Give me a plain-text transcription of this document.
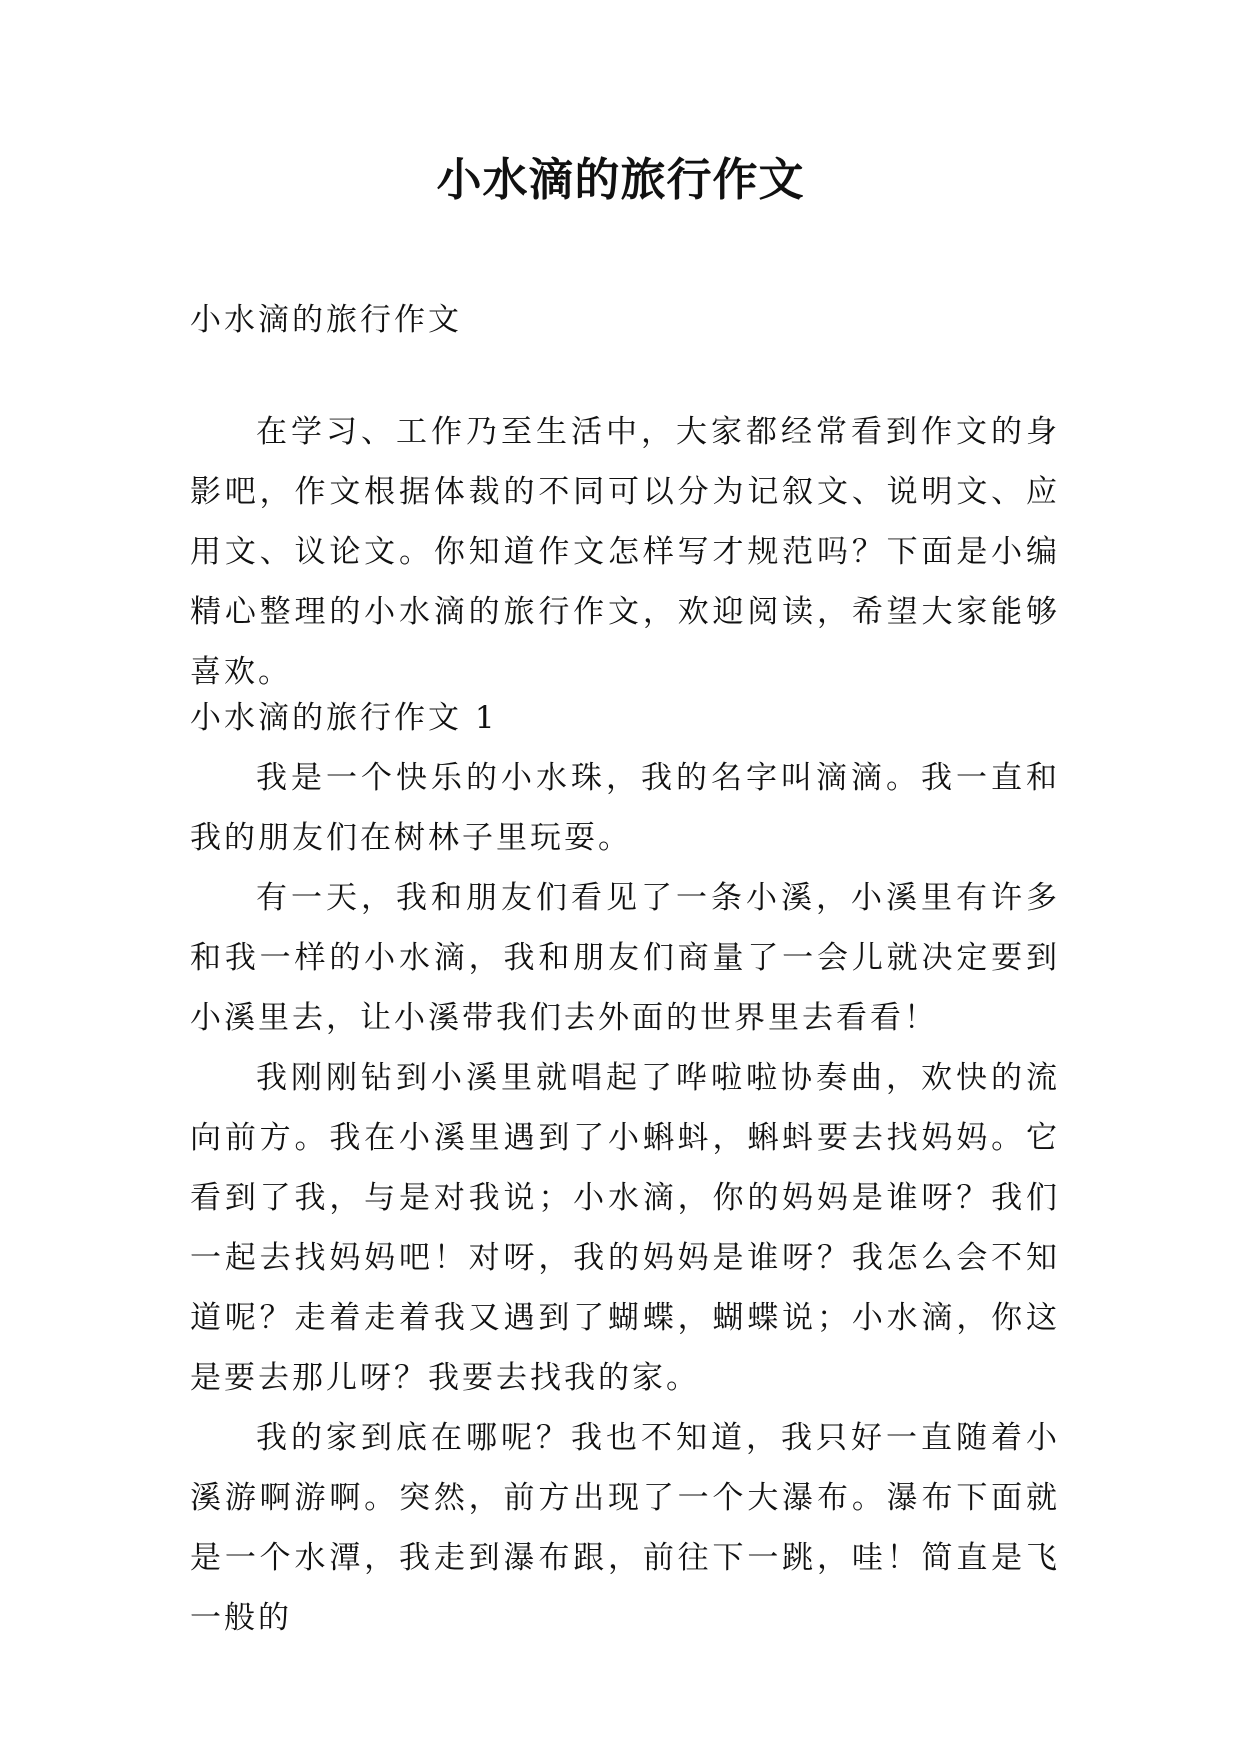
小水滴的旅行作文
小水滴的旅行作文

在学习、工作乃至生活中，大家都经常看到作文的身影吧，作文根据体裁的不同可以分为记叙文、说明文、应用文、议论文。你知道作文怎样写才规范吗？下面是小编精心整理的小水滴的旅行作文，欢迎阅读，希望大家能够喜欢。

小水滴的旅行作文 1

我是一个快乐的小水珠，我的名字叫滴滴。我一直和我的朋友们在树林子里玩耍。

有一天，我和朋友们看见了一条小溪，小溪里有许多和我一样的小水滴，我和朋友们商量了一会儿就决定要到小溪里去，让小溪带我们去外面的世界里去看看！

我刚刚钻到小溪里就唱起了哗啦啦协奏曲，欢快的流向前方。我在小溪里遇到了小蝌蚪，蝌蚪要去找妈妈。它看到了我，与是对我说；小水滴，你的妈妈是谁呀？我们一起去找妈妈吧！对呀，我的妈妈是谁呀？我怎么会不知道呢？走着走着我又遇到了蝴蝶，蝴蝶说；小水滴，你这是要去那儿呀？我要去找我的家。

我的家到底在哪呢？我也不知道，我只好一直随着小溪游啊游啊。突然，前方出现了一个大瀑布。瀑布下面就是一个水潭，我走到瀑布跟，前往下一跳，哇！简直是飞一般的
